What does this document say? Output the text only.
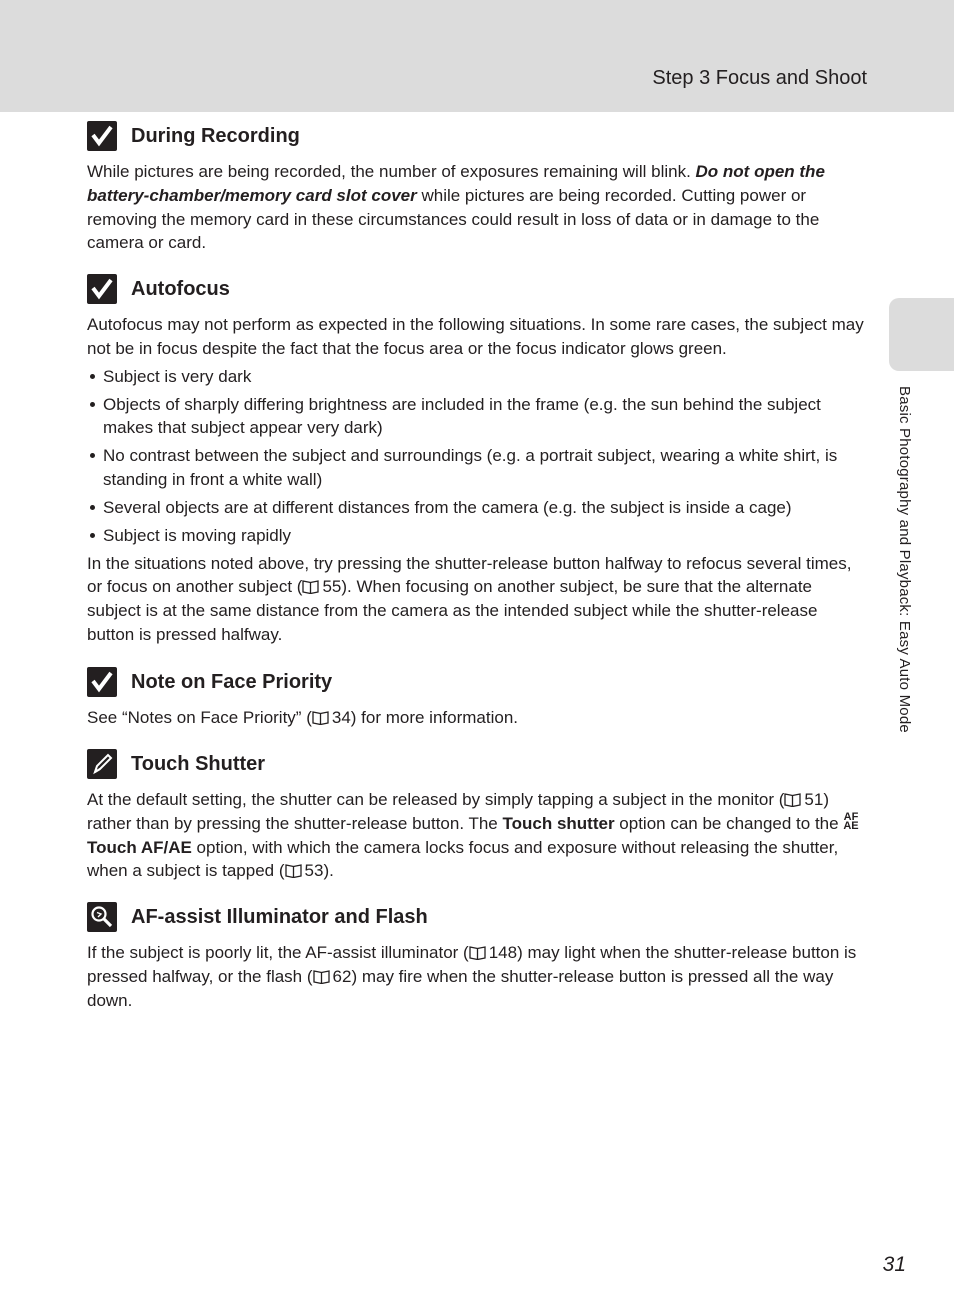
Step 3 Focus and Shoot
Basic Photography and Playback: Easy Auto Mode
During Recording

While pictures are being recorded, the number of exposures remaining will blink. Do not open the battery-chamber/memory card slot cover while pictures are being recorded. Cutting power or removing the memory card in these circumstances could result in loss of data or in damage to the camera or card.

Autofocus

Autofocus may not perform as expected in the following situations. In some rare cases, the subject may not be in focus despite the fact that the focus area or the focus indicator glows green.

Subject is very dark
Objects of sharply differing brightness are included in the frame (e.g. the sun behind the subject makes that subject appear very dark)
No contrast between the subject and surroundings (e.g. a portrait subject, wearing a white shirt, is standing in front a white wall)
Several objects are at different distances from the camera (e.g. the subject is inside a cage)
Subject is moving rapidly

In the situations noted above, try pressing the shutter-release button halfway to refocus several times, or focus on another subject ( 55). When focusing on another subject, be sure that the alternate subject is at the same distance from the camera as the intended subject while the shutter-release button is pressed halfway.

Note on Face Priority

See “Notes on Face Priority” ( 34) for more information.

Touch Shutter

At the default setting, the shutter can be released by simply tapping a subject in the monitor ( 51) rather than by pressing the shutter-release button. The Touch shutter option can be changed to the AF
AE
Touch AF/AE option, with which the camera locks focus and exposure without releasing the shutter, when a subject is tapped ( 53).

AF-assist Illuminator and Flash

If the subject is poorly lit, the AF-assist illuminator ( 148) may light when the shutter-release button is pressed halfway, or the flash ( 62) may fire when the shutter-release button is pressed all the way down.

31
